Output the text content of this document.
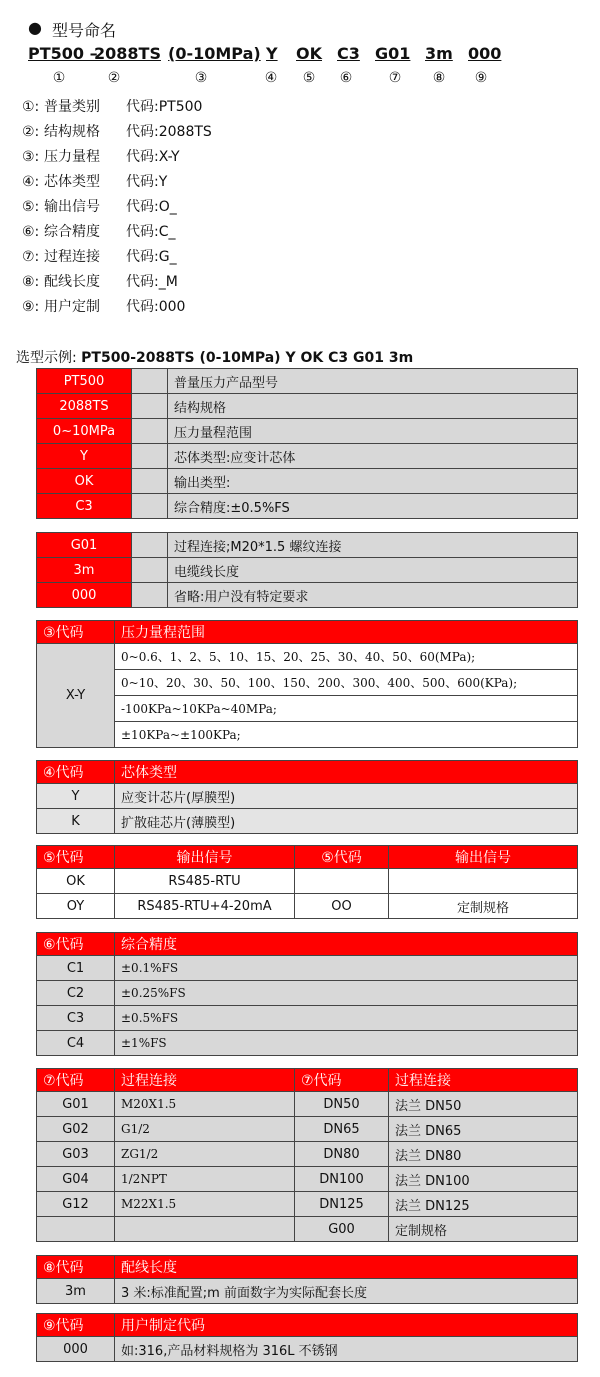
● 型号命名
PT500 –
2088TS (0-10MPa) Y OK C3 G01 3m 000
①	②	③	④ ⑤ ⑥	⑦ ⑧ ⑨
①: 普量类别 代码:PT500
②: 结构规格 代码:2088TS
③: 压力量程 代码:X-Y
④: 芯体类型 代码:Y
⑤: 输出信号 代码:O_
⑥: 综合精度 代码:C_
⑦: 过程连接 代码:G_
⑧: 配线长度 代码:_M
⑨: 用户定制 代码:000
选型示例: PT500-2088TS (0-10MPa) Y OK C3 G01 3m
PT500		普量压力产品型号
2088TS		结构规格
0~10MPa		压力量程范围
Y		芯体类型:应变计芯体
OK		输出类型:
C3		综合精度:±0.5%FS
G01		过程连接;M20*1.5 螺纹连接
3m		电缆线长度
000		省略:用户没有特定要求
③代码	压力量程范围
X-Y	0~0.6、1、2、5、10、15、20、25、30、40、50、60(MPa);
	0~10、20、30、50、100、150、200、300、400、500、600(KPa);
	-100KPa~10KPa~40MPa;
	±10KPa~±100KPa;
④代码	芯体类型
Y	应变计芯片(厚膜型)
K	扩散硅芯片(薄膜型)
⑤代码	输出信号	⑤代码	输出信号
OK	RS485-RTU		
OY	RS485-RTU+4-20mA	OO	定制规格
⑥代码	综合精度
C1	±0.1%FS
C2	±0.25%FS
C3	±0.5%FS
C4	±1%FS
⑦代码	过程连接	⑦代码	过程连接
G01	M20X1.5	DN50	法兰 DN50
G02	G1/2	DN65	法兰 DN65
G03	ZG1/2	DN80	法兰 DN80
G04	1/2NPT	DN100	法兰 DN100
G12	M22X1.5	DN125	法兰 DN125
		G00	定制规格
⑧代码	配线长度
3m	3 米:标准配置;m 前面数字为实际配套长度
⑨代码	用户制定代码
000	如:316,产品材料规格为 316L 不锈钢
